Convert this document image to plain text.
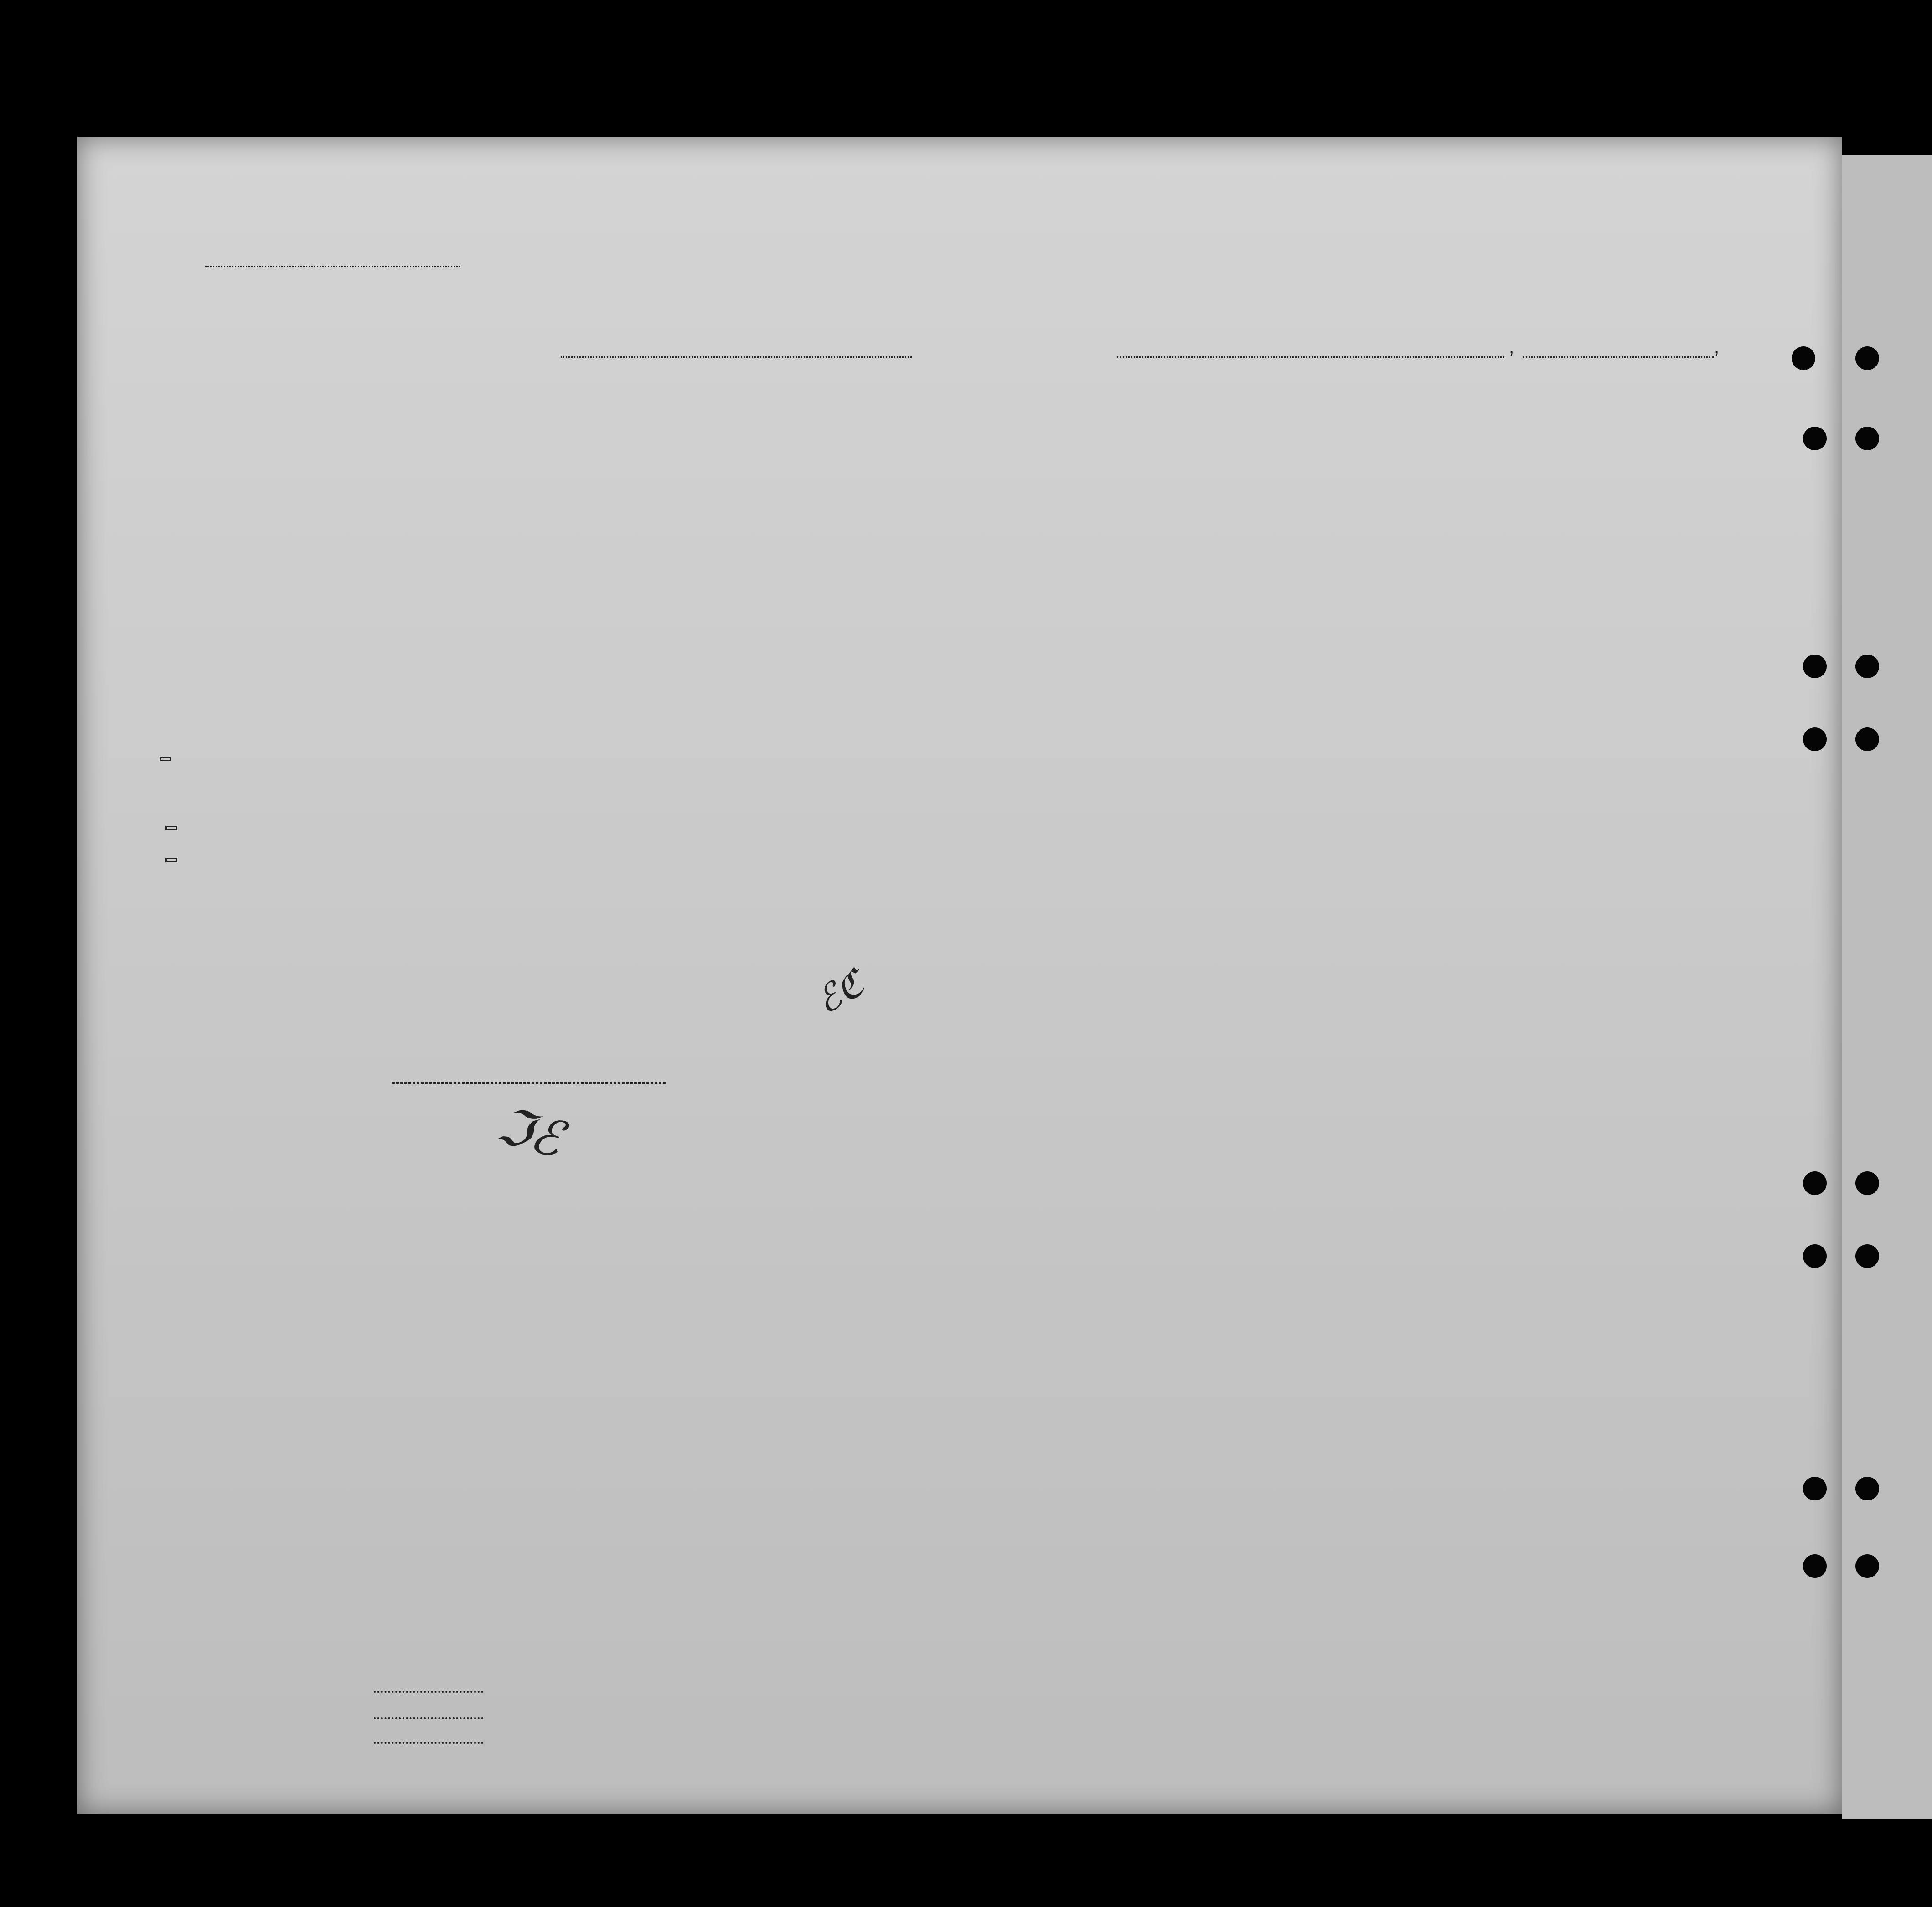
,	,
ℑℰ
ℰℭ
